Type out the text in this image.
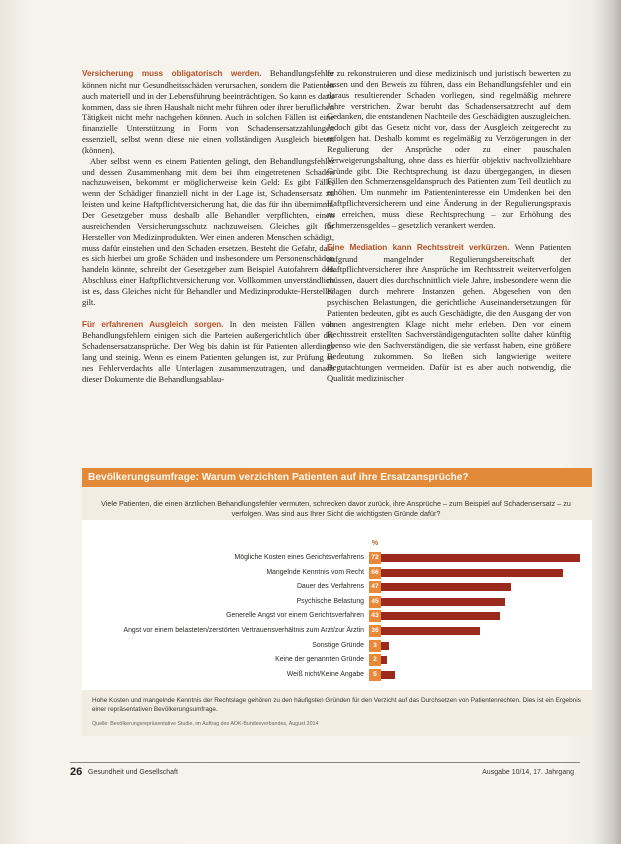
Versicherung muss obligatorisch werden. Behandlungsfehler können nicht nur Gesundheitsschäden verursachen, sondern die Patienten auch materiell und in der Lebensführung beeinträchtigen. So kann es dazu kommen, dass sie ihren Haushalt nicht mehr führen oder ihrer beruflichen Tätigkeit nicht mehr nachgehen können. Auch in solchen Fällen ist eine finanzielle Unterstützung in Form von Schadensersatzzahlungen essenziell, selbst wenn diese nie einen vollständigen Ausgleich bieten (können).

Aber selbst wenn es einem Patienten gelingt, den Behandlungsfehler und dessen Zusammenhang mit dem bei ihm eingetretenen Schaden nachzuweisen, bekommt er möglicherweise kein Geld: Es gibt Fälle, wenn der Schädiger finanziell nicht in der Lage ist, Schadensersatz zu leisten und keine Haftpflichtversicherung hat, die das für ihn übernimmt. Der Gesetzgeber muss deshalb alle Behandler verpflichten, einen ausreichenden Versicherungsschutz nachzuweisen. Gleiches gilt für Hersteller von Medizinprodukten. Wer einen anderen Menschen schädigt, muss dafür einstehen und den Schaden ersetzen. Besteht die Gefahr, dass es sich hierbei um große Schäden und insbesondere um Personenschäden handeln könnte, schreibt der Gesetzgeber zum Beispiel Autofahrern den Abschluss einer Haftpflichtversicherung vor. Vollkommen unverständlich ist es, dass Gleiches nicht für Behandler und Medizinprodukte-Hersteller gilt.

Für erfahrenen Ausgleich sorgen. In den meisten Fällen von Behandlungsfehlern einigen sich die Parteien außergerichtlich über die Schadensersatzansprüche. Der Weg bis dahin ist für Patienten allerdings lang und steinig. Wenn es einem Patienten gelungen ist, zur Prüfung se nes Fehlerverdachts alle Unterlagen zusammenzutragen, und danach dieser Dokumente die Behandlungsablau-

fe zu rekonstruieren und diese medizinisch und juristisch bewerten zu lassen und den Beweis zu führen, dass ein Behandlungsfehler und ein daraus resultierender Schaden vorliegen, sind regelmäßig mehrere Jahre verstrichen. Zwar beruht das Schadensersatzrecht auf dem Gedanken, die entstandenen Nachteile des Geschädigten auszugleichen. Jedoch gibt das Gesetz nicht vor, dass der Ausgleich zeitgerecht zu erfolgen hat. Deshalb kommt es regelmäßig zu Verzögerungen in der Regulierung der Ansprüche oder zu einer pauschalen Verweigerungshaltung, ohne dass es hierfür objektiv nachvollziehbare Gründe gibt. Die Rechtsprechung ist dazu übergegangen, in diesen Fällen den Schmerzensgeldanspruch des Patienten zum Teil deutlich zu erhöhen. Um nunmehr im Patienteninteresse ein Umdenken bei den Haftpflichtversicherern und eine Änderung in der Regulierungspraxis zu erreichen, muss diese Rechtsprechung – zur Erhöhung des Schmerzensgeldes – gesetzlich verankert werden.

Eine Mediation kann Rechtsstreit verkürzen. Wenn Patienten aufgrund mangelnder Regulierungsbereitschaft der Haftpflichtversicherer ihre Ansprüche im Rechtsstreit weiterverfolgen müssen, dauert dies durchschnittlich viele Jahre, insbesondere wenn die Klagen durch mehrere Instanzen gehen. Abgesehen von den psychischen Belastungen, die gerichtliche Auseinandersetzungen für Patienten bedeuten, gibt es auch Geschädigte, die den Ausgang der von ihnen angestrengten Klage nicht mehr erleben. Den vor einem Rechtsstreit erstellten Sachverständigengutachten sollte daher künftig ebenso wie den Sachverständigen, die sie verfasst haben, eine größere Bedeutung zukommen. So ließen sich langwierige weitere Begutachtungen vermeiden. Dafür ist es aber auch notwendig, die Qualität medizinischer

Bevölkerungsumfrage: Warum verzichten Patienten auf ihre Ersatzansprüche?
Viele Patienten, die einen ärztlichen Behandlungsfehler vermuten, schrecken davor zurück, ihre Ansprüche – zum Beispiel auf Schadensersatz – zu verfolgen. Was sind aus Ihrer Sicht die wichtigsten Gründe dafür?
%
Mögliche Kosten eines Gerichtsverfahrens	72
Mangelnde Kenntnis vom Recht	66
Dauer des Verfahrens	47
Psychische Belastung	45
Generelle Angst vor einem Gerichtsverfahren	43
Angst vor einem belasteten/zerstörten Vertrauensverhältnis zum Arzt/zur Ärztin	36
Sonstige Gründe	3
Keine der genannten Gründe	2
Weiß nicht/Keine Angabe	5
Hohe Kosten und mangelnde Kenntnis der Rechtslage gehören zu den häufigsten Gründen für den Verzicht auf das Durchsetzen von Patientenrechten. Dies ist ein Ergebnis einer repräsentativen Bevölkerungsumfrage.
Quelle: Bevölkerungsrepräsentative Studie, im Auftrag des AOK-Bundesverbandes, August 2014
26 Gesundheit und Gesellschaft	Ausgabe 10/14, 17. Jahrgang
